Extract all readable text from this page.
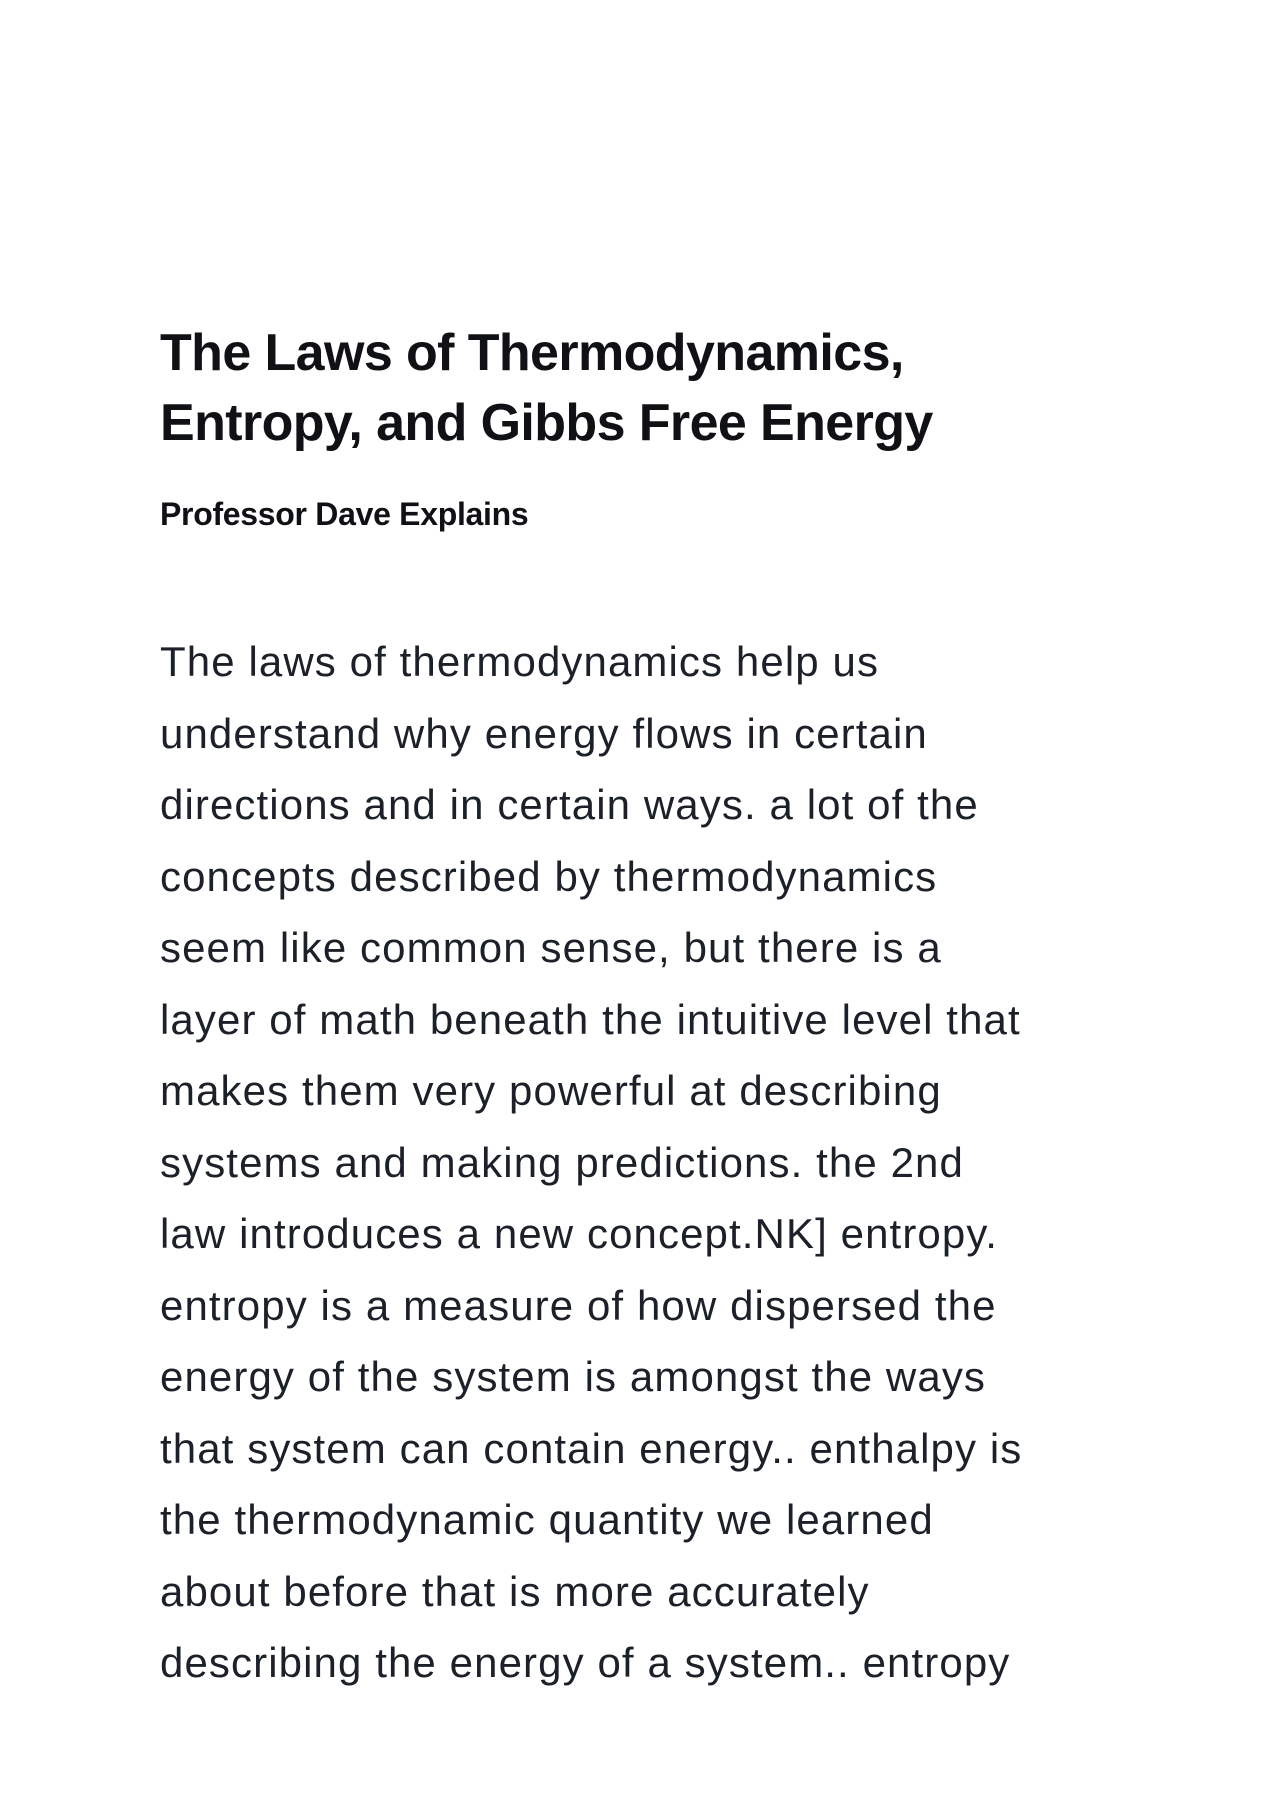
The Laws of Thermodynamics,
Entropy, and Gibbs Free Energy

Professor Dave Explains

The laws of thermodynamics help us
understand why energy flows in certain
directions and in certain ways. a lot of the
concepts described by thermodynamics
seem like common sense, but there is a
layer of math beneath the intuitive level that
makes them very powerful at describing
systems and making predictions. the 2nd
law introduces a new concept.NK] entropy.
entropy is a measure of how dispersed the
energy of the system is amongst the ways
that system can contain energy.. enthalpy is
the thermodynamic quantity we learned
about before that is more accurately
describing the energy of a system.. entropy
